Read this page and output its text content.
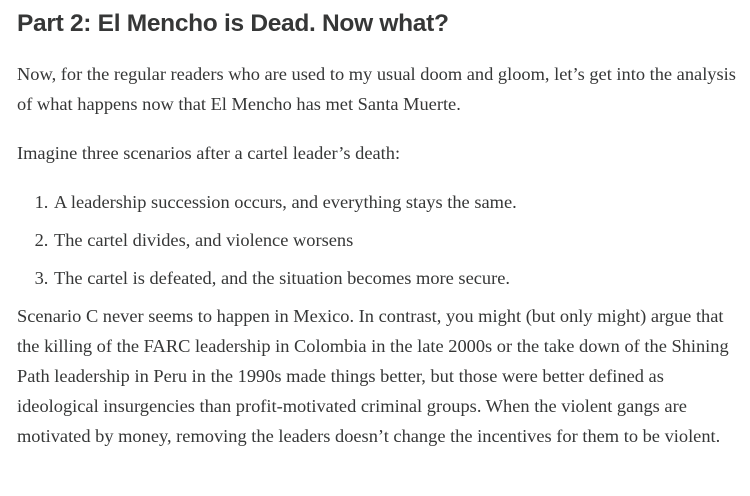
Part 2: El Mencho is Dead. Now what?

Now, for the regular readers who are used to my usual doom and gloom, let’s get into the analysis of what happens now that El Mencho has met Santa Muerte.

Imagine three scenarios after a cartel leader’s death:

1. A leadership succession occurs, and everything stays the same.
2. The cartel divides, and violence worsens
3. The cartel is defeated, and the situation becomes more secure.

Scenario C never seems to happen in Mexico. In contrast, you might (but only might) argue that the killing of the FARC leadership in Colombia in the late 2000s or the take down of the Shining Path leadership in Peru in the 1990s made things better, but those were better defined as ideological insurgencies than profit-motivated criminal groups. When the violent gangs are motivated by money, removing the leaders doesn’t change the incentives for them to be violent.
